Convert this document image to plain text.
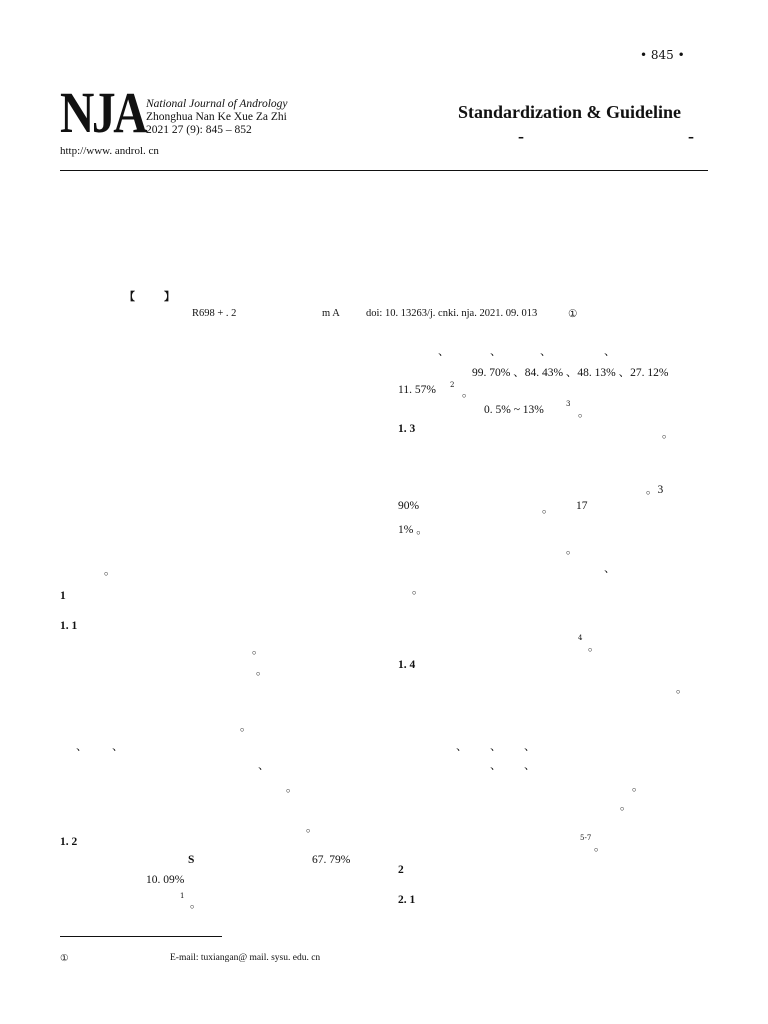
• 845 •
NJA National Journal of Andrology
Zhonghua Nan Ke Xue Za Zhi
2021 27 (9): 845 – 852
http://www. androl. cn
Standardization & Guideline
-	-
【	】
R698 + . 2	m A doi: 10. 13263/j. cnki. nja. 2021. 09. 013	①
。
1
1. 1
。
。
。
、 、
、
。
。
1. 2
S	67. 79%
10. 09%
1
。
、	、	、	、
99. 70% 、84. 43% 、48. 13% 、27. 12%
11. 57% 2
。
0. 5% ~ 13%	3
。
1. 3	。
。3
90%	。 17
1% 。
。
、
。
4
。
1. 4
。
、 、 、
、 、
。
。
5-7
。
2
2. 1
①	E-mail: tuxiangan@ mail. sysu. edu. cn
